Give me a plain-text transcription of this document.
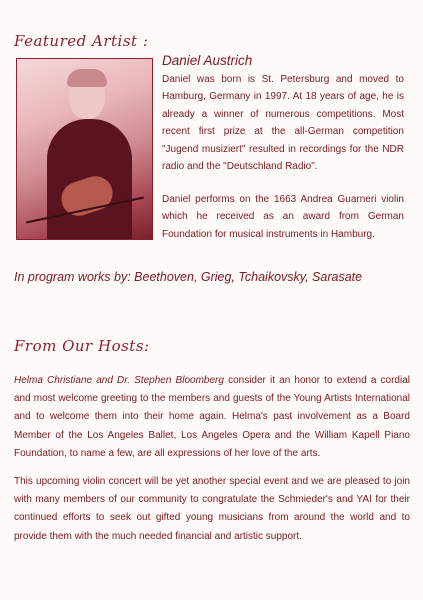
Featured Artist :
Daniel Austrich

Daniel was born is St. Petersburg and moved to Hamburg, Germany in 1997. At 18 years of age, he is already a winner of numerous competitions. Most recent first prize at the all-German competition "Jugend musiziert" resulted in recordings for the NDR radio and the "Deutschland Radio".

Daniel performs on the 1663 Andrea Guarneri violin which he received as an award from German Foundation for musical instruments in Hamburg.

In program works by: Beethoven, Grieg, Tchaikovsky, Sarasate

From Our Hosts:

Helma Christiane and Dr. Stephen Bloomberg consider it an honor to extend a cordial and most welcome greeting to the members and guests of the Young Artists International and to welcome them into their home again. Helma's past involvement as a Board Member of the Los Angeles Ballet, Los Angeles Opera and the William Kapell Piano Foundation, to name a few, are all expressions of her love of the arts.

This upcoming violin concert will be yet another special event and we are pleased to join with many members of our community to congratulate the Schmieder's and YAI for their continued efforts to seek out gifted young musicians from around the world and to provide them with the much needed financial and artistic support.
